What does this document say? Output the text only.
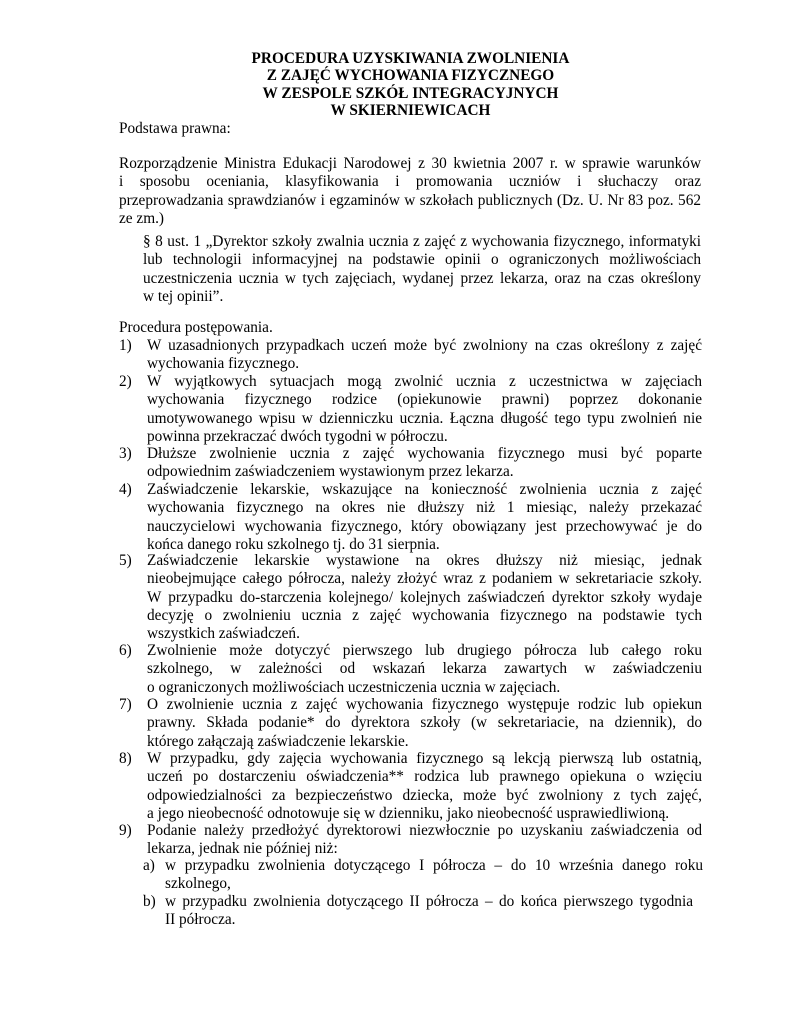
PROCEDURA UZYSKIWANIA ZWOLNIENIA
Z ZAJĘĆ WYCHOWANIA FIZYCZNEGO
W ZESPOLE SZKÓŁ INTEGRACYJNYCH
W SKIERNIEWICACH
Podstawa prawna:
Rozporządzenie Ministra Edukacji Narodowej z 30 kwietnia 2007 r. w sprawie warunków
i sposobu oceniania, klasyfikowania i promowania uczniów i słuchaczy oraz
przeprowadzania sprawdzianów i egzaminów w szkołach publicznych (Dz. U. Nr 83 poz. 562
ze zm.)
§ 8 ust. 1 „Dyrektor szkoły zwalnia ucznia z zajęć z wychowania fizycznego, informatyki
lub technologii informacyjnej na podstawie opinii o ograniczonych możliwościach
uczestniczenia ucznia w tych zajęciach, wydanej przez lekarza, oraz na czas określony
w tej opinii”.
Procedura postępowania.
1) W uzasadnionych przypadkach uczeń może być zwolniony na czas określony z zajęć
wychowania fizycznego.
2) W wyjątkowych sytuacjach mogą zwolnić ucznia z uczestnictwa w zajęciach
wychowania fizycznego rodzice (opiekunowie prawni) poprzez dokonanie
umotywowanego wpisu w dzienniczku ucznia. Łączna długość tego typu zwolnień nie
powinna przekraczać dwóch tygodni w półroczu.
3) Dłuższe zwolnienie ucznia z zajęć wychowania fizycznego musi być poparte
odpowiednim zaświadczeniem wystawionym przez lekarza.
4) Zaświadczenie lekarskie, wskazujące na konieczność zwolnienia ucznia z zajęć
wychowania fizycznego na okres nie dłuższy niż 1 miesiąc, należy przekazać
nauczycielowi wychowania fizycznego, który obowiązany jest przechowywać je do
końca danego roku szkolnego tj. do 31 sierpnia.
5) Zaświadczenie lekarskie wystawione na okres dłuższy niż miesiąc, jednak
nieobejmujące całego półrocza, należy złożyć wraz z podaniem w sekretariacie szkoły.
W przypadku do-starczenia kolejnego/ kolejnych zaświadczeń dyrektor szkoły wydaje
decyzję o zwolnieniu ucznia z zajęć wychowania fizycznego na podstawie tych
wszystkich zaświadczeń.
6) Zwolnienie może dotyczyć pierwszego lub drugiego półrocza lub całego roku
szkolnego, w zależności od wskazań lekarza zawartych w zaświadczeniu
o ograniczonych możliwościach uczestniczenia ucznia w zajęciach.
7) O zwolnienie ucznia z zajęć wychowania fizycznego występuje rodzic lub opiekun
prawny. Składa podanie* do dyrektora szkoły (w sekretariacie, na dziennik), do
którego załączają zaświadczenie lekarskie.
8) W przypadku, gdy zajęcia wychowania fizycznego są lekcją pierwszą lub ostatnią,
uczeń po dostarczeniu oświadczenia** rodzica lub prawnego opiekuna o wzięciu
odpowiedzialności za bezpieczeństwo dziecka, może być zwolniony z tych zajęć,
a jego nieobecność odnotowuje się w dzienniku, jako nieobecność usprawiedliwioną.
9) Podanie należy przedłożyć dyrektorowi niezwłocznie po uzyskaniu zaświadczenia od
lekarza, jednak nie później niż:
a) w przypadku zwolnienia dotyczącego I półrocza – do 10 września danego roku
szkolnego,
b) w przypadku zwolnienia dotyczącego II półrocza – do końca pierwszego tygodnia
II półrocza.
